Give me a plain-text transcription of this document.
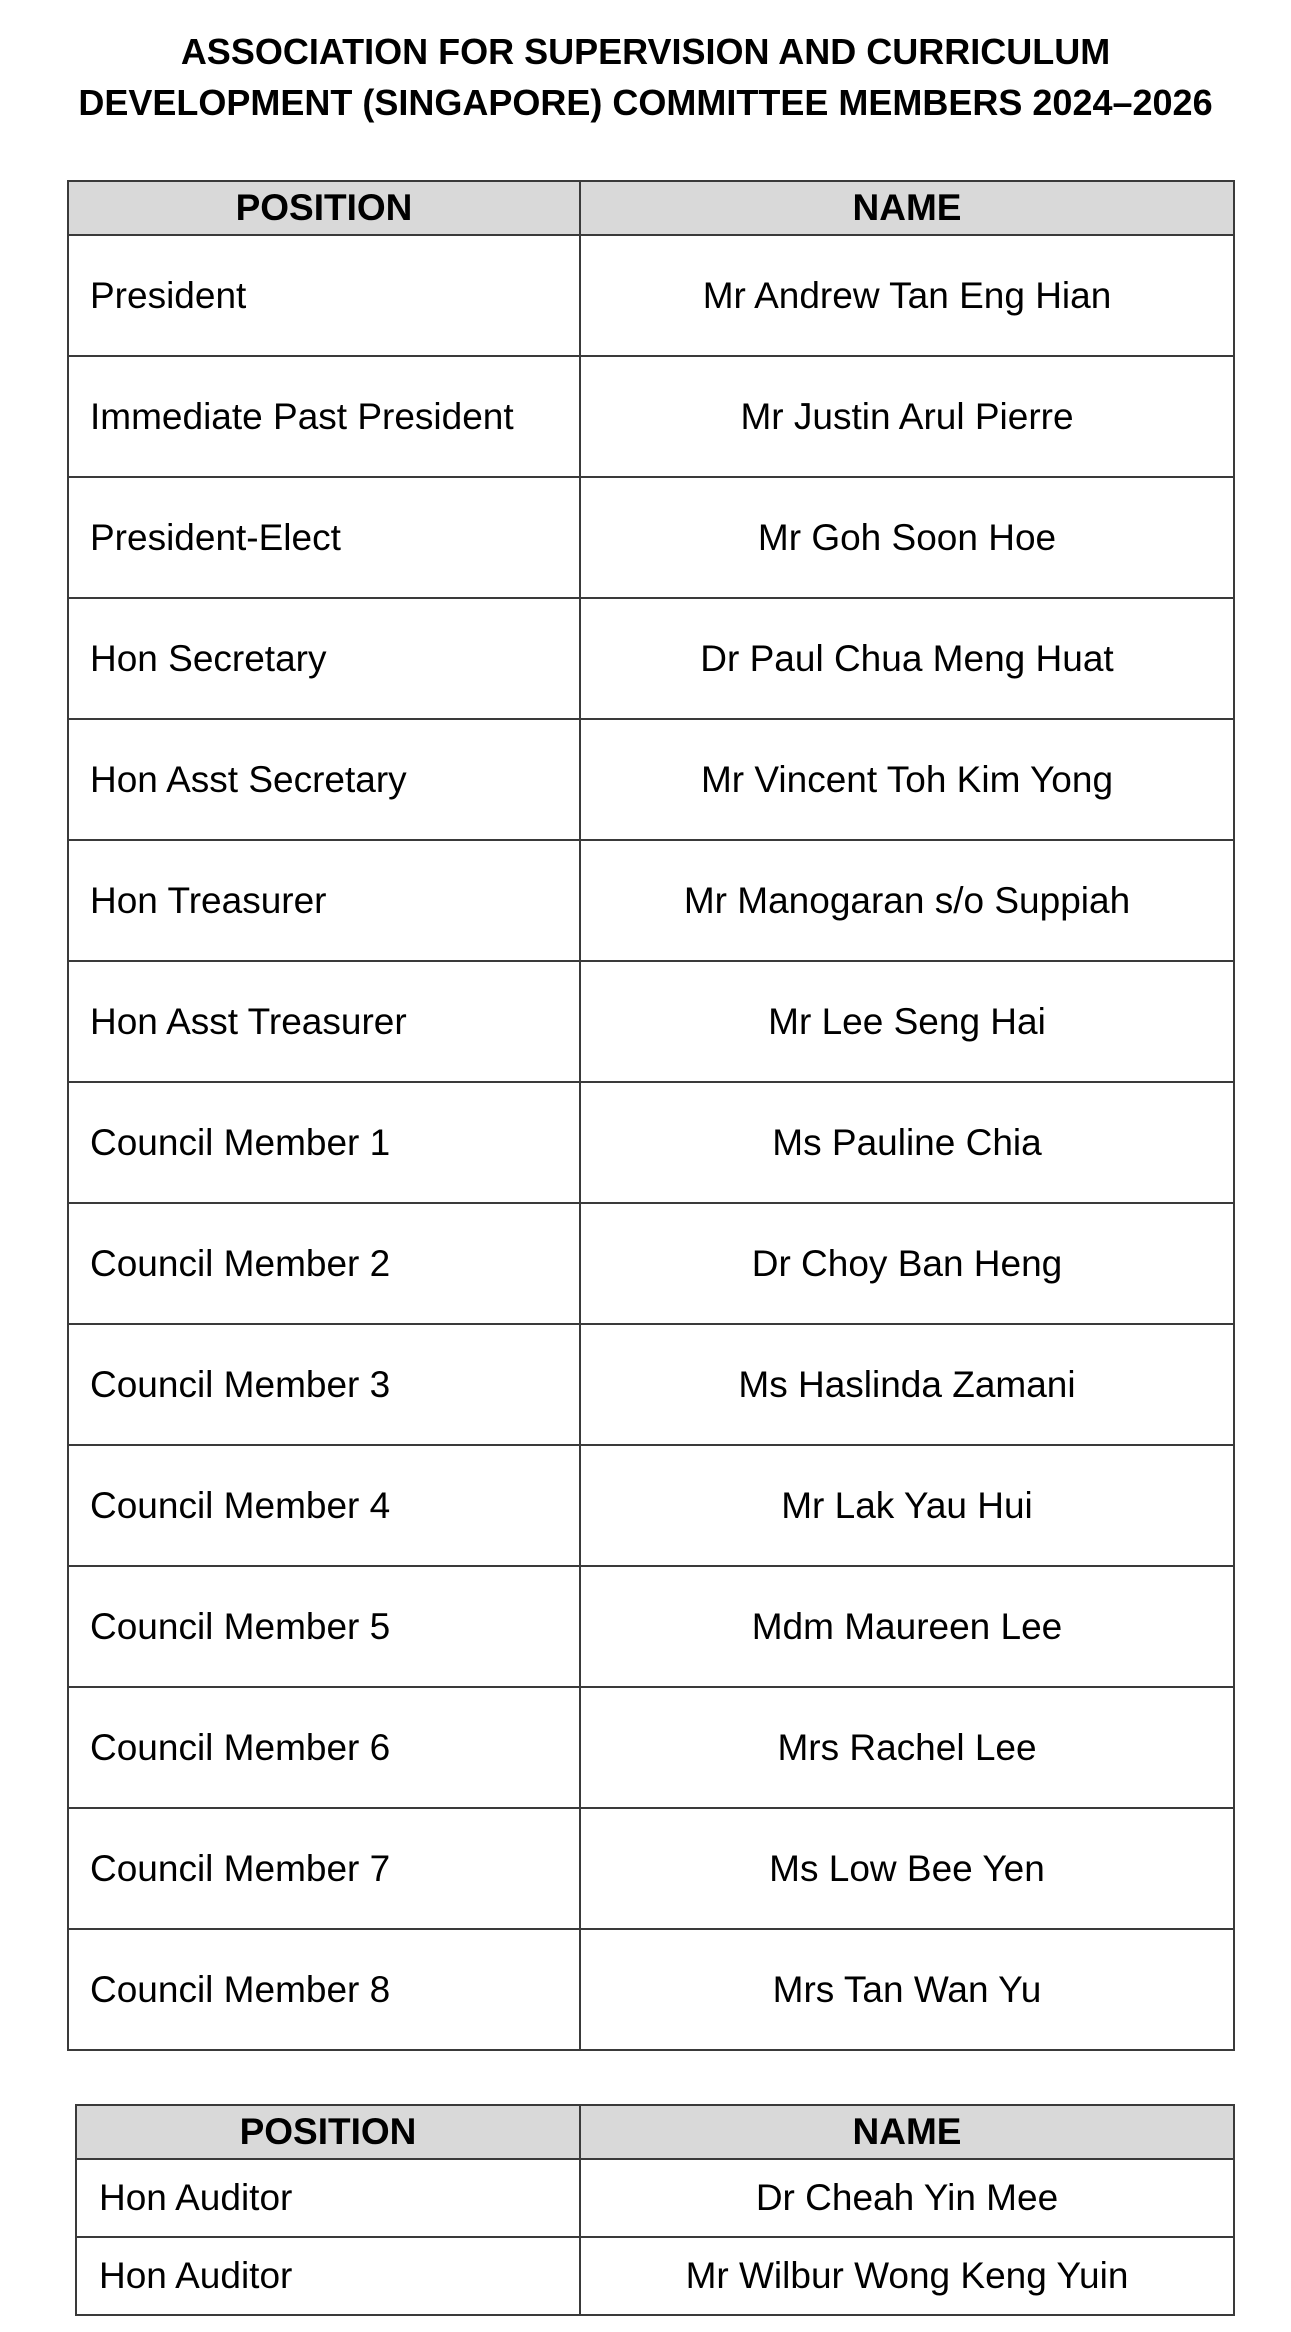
ASSOCIATION FOR SUPERVISION AND CURRICULUM
DEVELOPMENT (SINGAPORE) COMMITTEE MEMBERS 2024–2026
POSITION	NAME
President	Mr Andrew Tan Eng Hian
Immediate Past President	Mr Justin Arul Pierre
President-Elect	Mr Goh Soon Hoe
Hon Secretary	Dr Paul Chua Meng Huat
Hon Asst Secretary	Mr Vincent Toh Kim Yong
Hon Treasurer	Mr Manogaran s/o Suppiah
Hon Asst Treasurer	Mr Lee Seng Hai
Council Member 1	Ms Pauline Chia
Council Member 2	Dr Choy Ban Heng
Council Member 3	Ms Haslinda Zamani
Council Member 4	Mr Lak Yau Hui
Council Member 5	Mdm Maureen Lee
Council Member 6	Mrs Rachel Lee
Council Member 7	Ms Low Bee Yen
Council Member 8	Mrs Tan Wan Yu
POSITION	NAME
Hon Auditor	Dr Cheah Yin Mee
Hon Auditor	Mr Wilbur Wong Keng Yuin
